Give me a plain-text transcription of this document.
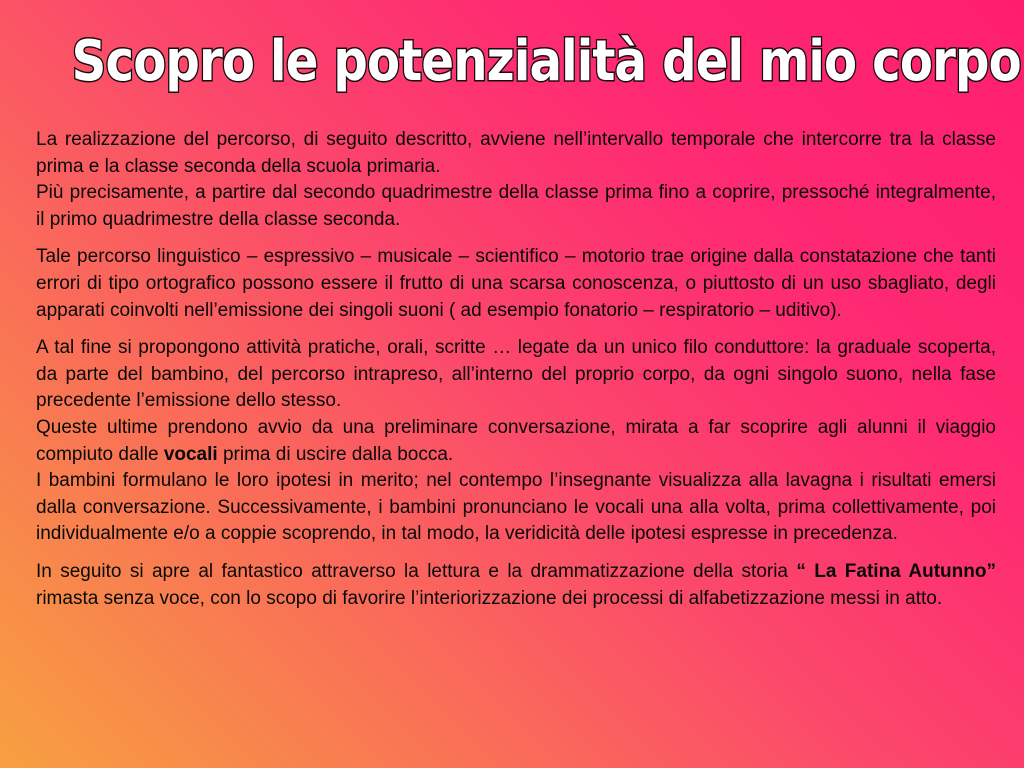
Scopro le potenzialità del mio corpo

La realizzazione del percorso, di seguito descritto, avviene nell’intervallo temporale che intercorre tra la classe prima e la classe seconda della scuola primaria.
Più precisamente, a partire dal secondo quadrimestre della classe prima fino a coprire, pressoché integralmente, il primo quadrimestre della classe seconda.

Tale percorso linguistico – espressivo – musicale – scientifico – motorio trae origine dalla constatazione che tanti errori di tipo ortografico possono essere il frutto di una scarsa conoscenza, o piuttosto di un uso sbagliato, degli apparati coinvolti nell’emissione dei singoli suoni ( ad esempio fonatorio – respiratorio – uditivo).

A tal fine si propongono attività pratiche, orali, scritte … legate da un unico filo conduttore: la graduale scoperta, da parte del bambino, del percorso intrapreso, all’interno del proprio corpo, da ogni singolo suono, nella fase precedente l’emissione dello stesso.
Queste ultime prendono avvio da una preliminare conversazione, mirata a far scoprire agli alunni il viaggio compiuto dalle vocali prima di uscire dalla bocca.
I bambini formulano le loro ipotesi in merito; nel contempo l’insegnante visualizza alla lavagna i risultati emersi dalla conversazione. Successivamente, i bambini pronunciano le vocali una alla volta, prima collettivamente, poi individualmente e/o a coppie scoprendo, in tal modo, la veridicità delle ipotesi espresse in precedenza.

In seguito si apre al fantastico attraverso la lettura e la drammatizzazione della storia “ La Fatina Autunno” rimasta senza voce, con lo scopo di favorire l’interiorizzazione dei processi di alfabetizzazione messi in atto.
